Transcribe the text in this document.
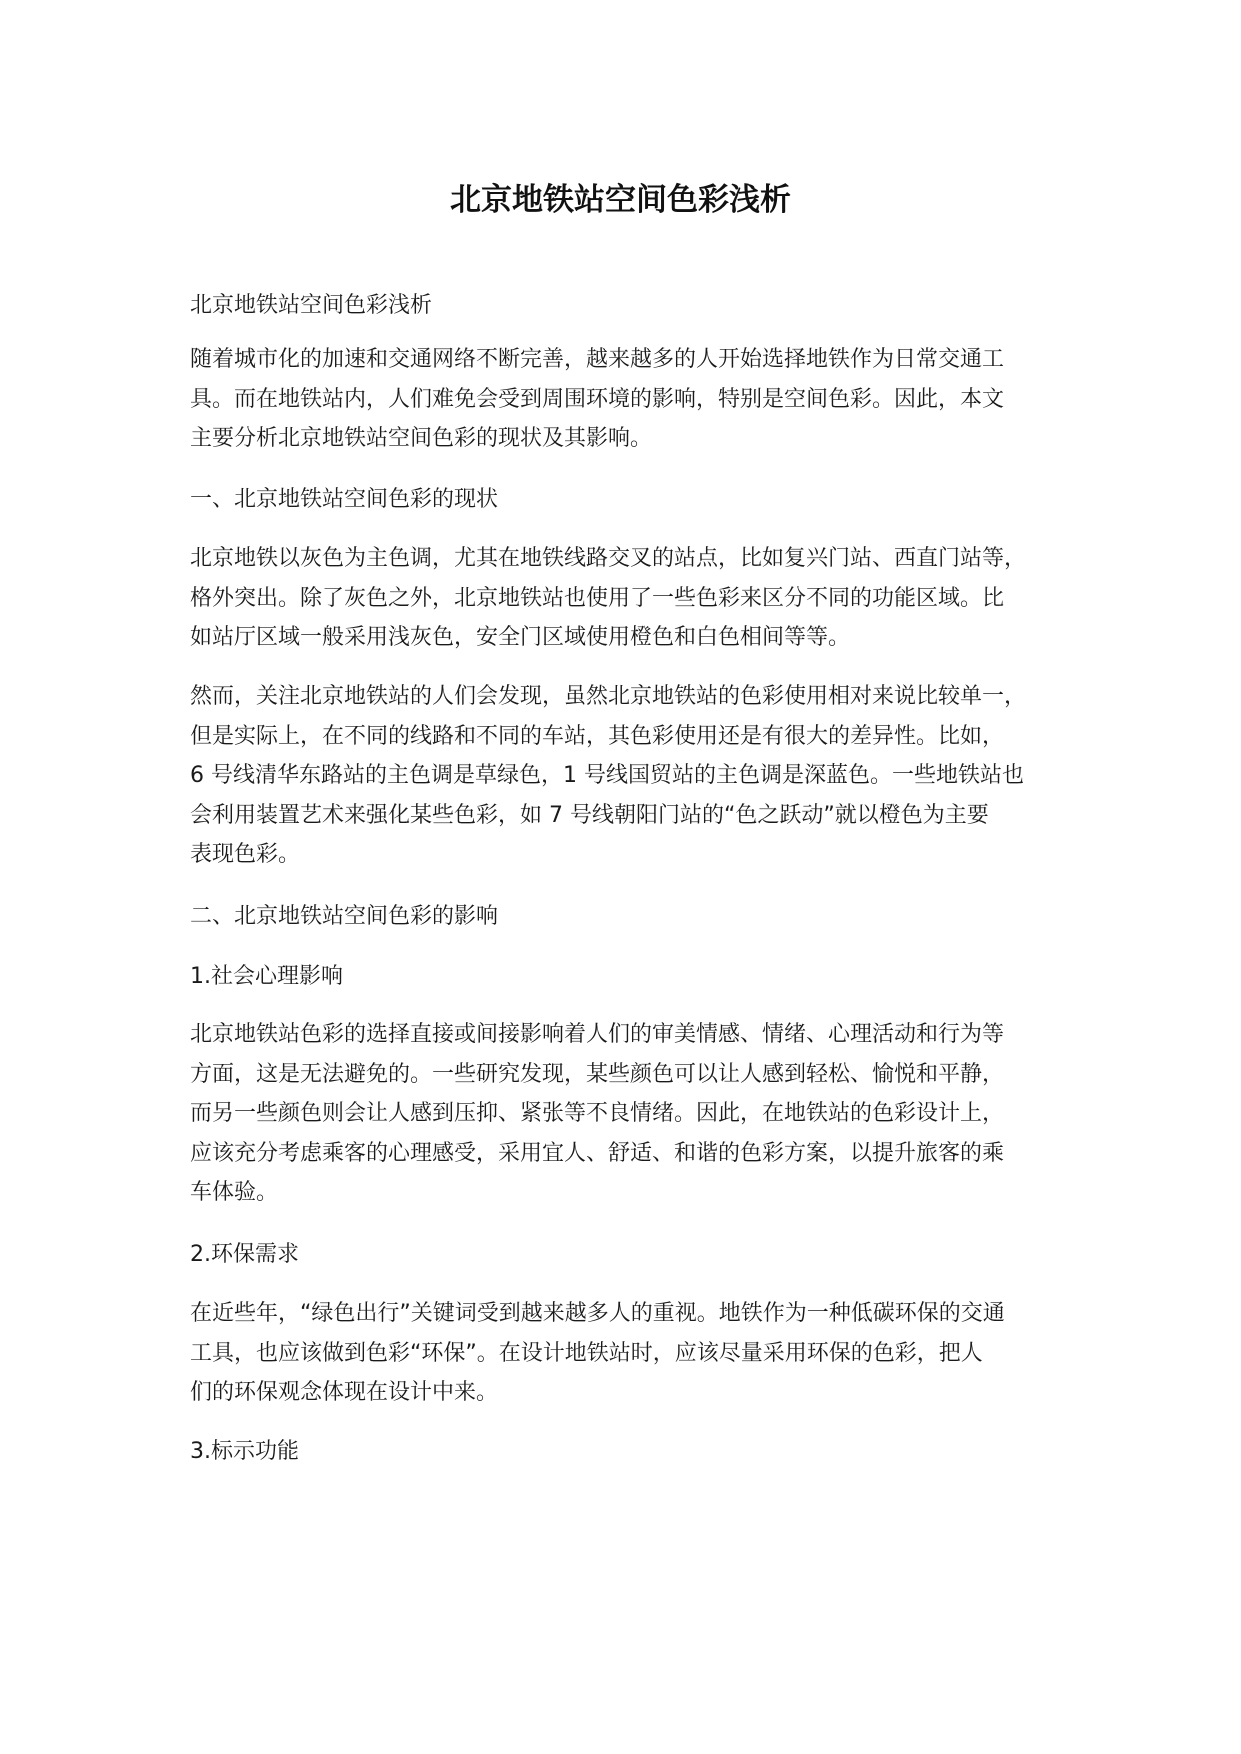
北京地铁站空间色彩浅析

北京地铁站空间色彩浅析

随着城市化的加速和交通网络不断完善，越来越多的人开始选择地铁作为日常交通工
具。而在地铁站内，人们难免会受到周围环境的影响，特别是空间色彩。因此，本文
主要分析北京地铁站空间色彩的现状及其影响。

一、北京地铁站空间色彩的现状

北京地铁以灰色为主色调，尤其在地铁线路交叉的站点，比如复兴门站、西直门站等，
格外突出。除了灰色之外，北京地铁站也使用了一些色彩来区分不同的功能区域。比
如站厅区域一般采用浅灰色，安全门区域使用橙色和白色相间等等。

然而，关注北京地铁站的人们会发现，虽然北京地铁站的色彩使用相对来说比较单一，
但是实际上，在不同的线路和不同的车站，其色彩使用还是有很大的差异性。比如，
6 号线清华东路站的主色调是草绿色，1 号线国贸站的主色调是深蓝色。一些地铁站也
会利用装置艺术来强化某些色彩，如 7 号线朝阳门站的“色之跃动”就以橙色为主要
表现色彩。

二、北京地铁站空间色彩的影响

1.社会心理影响

北京地铁站色彩的选择直接或间接影响着人们的审美情感、情绪、心理活动和行为等
方面，这是无法避免的。一些研究发现，某些颜色可以让人感到轻松、愉悦和平静，
而另一些颜色则会让人感到压抑、紧张等不良情绪。因此，在地铁站的色彩设计上，
应该充分考虑乘客的心理感受，采用宜人、舒适、和谐的色彩方案，以提升旅客的乘
车体验。

2.环保需求

在近些年，“绿色出行”关键词受到越来越多人的重视。地铁作为一种低碳环保的交通
工具，也应该做到色彩“环保”。在设计地铁站时，应该尽量采用环保的色彩，把人
们的环保观念体现在设计中来。

3.标示功能
